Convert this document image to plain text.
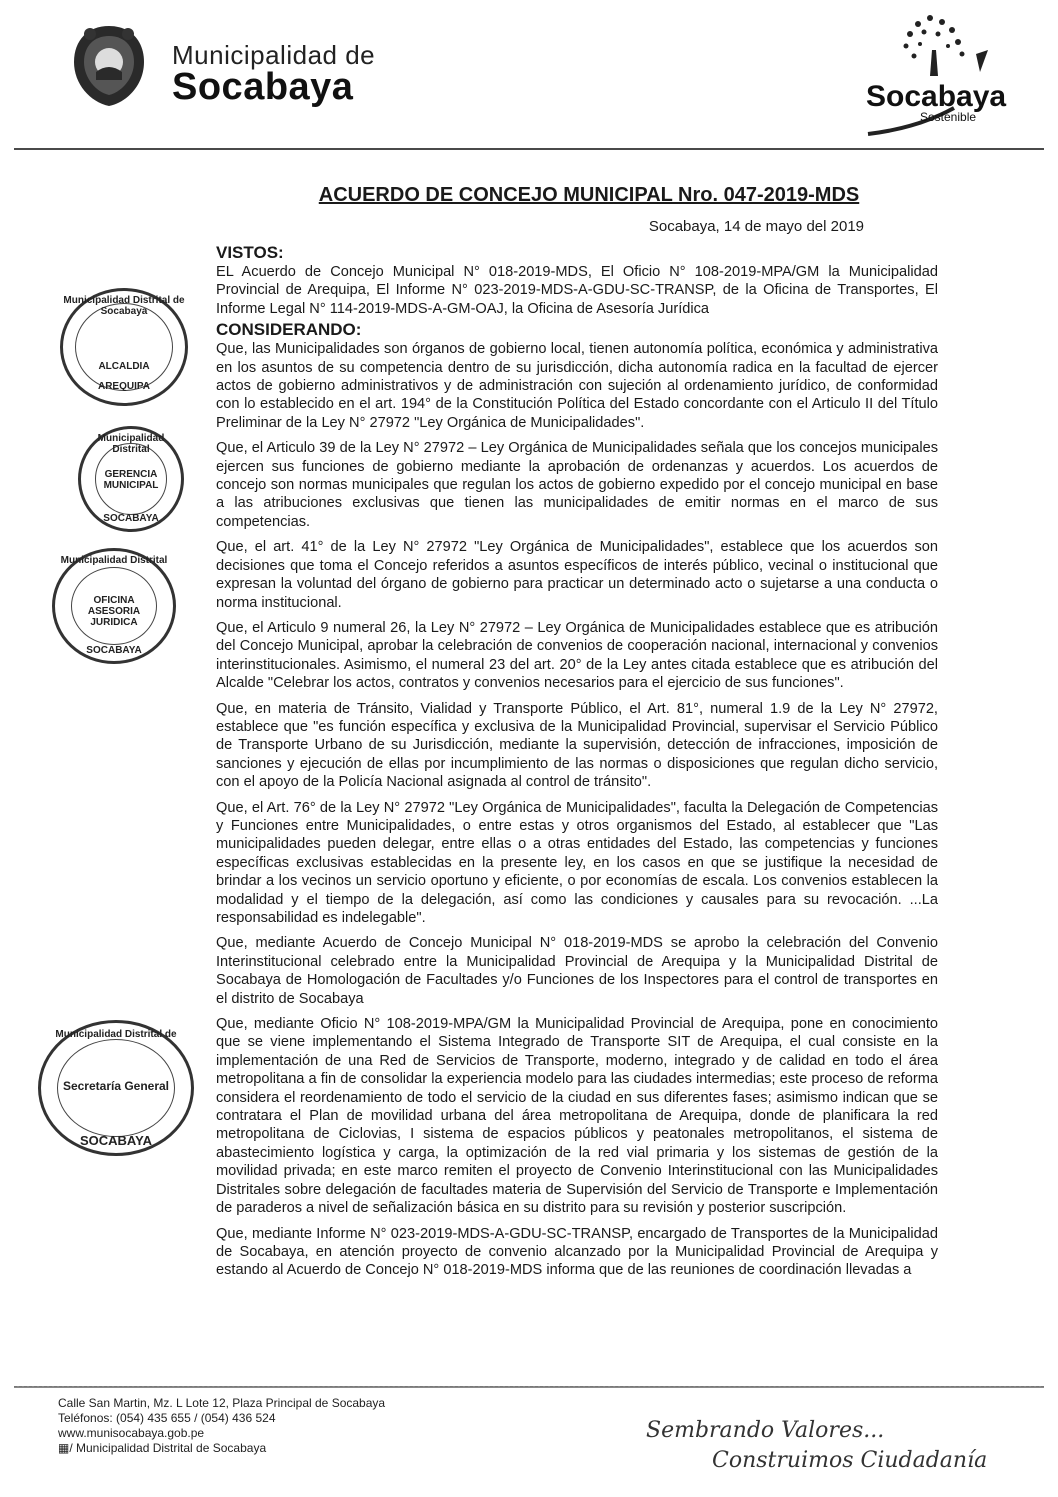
Municipalidad de
Socabaya	Socabaya
Sostenible
ACUERDO DE CONCEJO MUNICIPAL Nro. 047-2019-MDS
Socabaya, 14 de mayo del 2019
Municipalidad Distrital de Socabaya
ALCALDIA
AREQUIPA
Municipalidad Distrital
GERENCIA MUNICIPAL
SOCABAYA
Municipalidad Distrital
OFICINA ASESORIA JURIDICA
SOCABAYA
Municipalidad Distrital de
Secretaría General
SOCABAYA
VISTOS:

EL Acuerdo de Concejo Municipal N° 018-2019-MDS, El Oficio N° 108-2019-MPA/GM la Municipalidad Provincial de Arequipa, El Informe N° 023-2019-MDS-A-GDU-SC-TRANSP, de la Oficina de Transportes, El Informe Legal N° 114-2019-MDS-A-GM-OAJ, la Oficina de Asesoría Jurídica

CONSIDERANDO:

Que, las Municipalidades son órganos de gobierno local, tienen autonomía política, económica y administrativa en los asuntos de su competencia dentro de su jurisdicción, dicha autonomía radica en la facultad de ejercer actos de gobierno administrativos y de administración con sujeción al ordenamiento jurídico, de conformidad con lo establecido en el art. 194° de la Constitución Política del Estado concordante con el Articulo II del Título Preliminar de la Ley N° 27972 "Ley Orgánica de Municipalidades".

Que, el Articulo 39 de la Ley N° 27972 – Ley Orgánica de Municipalidades señala que los concejos municipales ejercen sus funciones de gobierno mediante la aprobación de ordenanzas y acuerdos. Los acuerdos de concejo son normas municipales que regulan los actos de gobierno expedido por el concejo municipal en base a las atribuciones exclusivas que tienen las municipalidades de emitir normas en el marco de sus competencias.

Que, el art. 41° de la Ley N° 27972 "Ley Orgánica de Municipalidades", establece que los acuerdos son decisiones que toma el Concejo referidos a asuntos específicos de interés público, vecinal o institucional que expresan la voluntad del órgano de gobierno para practicar un determinado acto o sujetarse a una conducta o norma institucional.

Que, el Articulo 9 numeral 26, la Ley N° 27972 – Ley Orgánica de Municipalidades establece que es atribución del Concejo Municipal, aprobar la celebración de convenios de cooperación nacional, internacional y convenios interinstitucionales. Asimismo, el numeral 23 del art. 20° de la Ley antes citada establece que es atribución del Alcalde "Celebrar los actos, contratos y convenios necesarios para el ejercicio de sus funciones".

Que, en materia de Tránsito, Vialidad y Transporte Público, el Art. 81°, numeral 1.9 de la Ley N° 27972, establece que "es función específica y exclusiva de la Municipalidad Provincial, supervisar el Servicio Público de Transporte Urbano de su Jurisdicción, mediante la supervisión, detección de infracciones, imposición de sanciones y ejecución de ellas por incumplimiento de las normas o disposiciones que regulan dicho servicio, con el apoyo de la Policía Nacional asignada al control de tránsito".

Que, el Art. 76° de la Ley N° 27972 "Ley Orgánica de Municipalidades", faculta la Delegación de Competencias y Funciones entre Municipalidades, o entre estas y otros organismos del Estado, al establecer que "Las municipalidades pueden delegar, entre ellas o a otras entidades del Estado, las competencias y funciones específicas exclusivas establecidas en la presente ley, en los casos en que se justifique la necesidad de brindar a los vecinos un servicio oportuno y eficiente, o por economías de escala. Los convenios establecen la modalidad y el tiempo de la delegación, así como las condiciones y causales para su revocación. ...La responsabilidad es indelegable".

Que, mediante Acuerdo de Concejo Municipal N° 018-2019-MDS se aprobo la celebración del Convenio Interinstitucional celebrado entre la Municipalidad Provincial de Arequipa y la Municipalidad Distrital de Socabaya de Homologación de Facultades y/o Funciones de los Inspectores para el control de transportes en el distrito de Socabaya

Que, mediante Oficio N° 108-2019-MPA/GM la Municipalidad Provincial de Arequipa, pone en conocimiento que se viene implementando el Sistema Integrado de Transporte SIT de Arequipa, el cual consiste en la implementación de una Red de Servicios de Transporte, moderno, integrado y de calidad en todo el área metropolitana a fin de consolidar la experiencia modelo para las ciudades intermedias; este proceso de reforma considera el reordenamiento de todo el servicio de la ciudad en sus diferentes fases; asimismo indican que se contratara el Plan de movilidad urbana del área metropolitana de Arequipa, donde de planificara la red metropolitana de Ciclovias, I sistema de espacios públicos y peatonales metropolitanos, el sistema de abastecimiento logística y carga, la optimización de la red vial primaria y los sistemas de gestión de la movilidad privada; en este marco remiten el proyecto de Convenio Interinstitucional con las Municipalidades Distritales sobre delegación de facultades materia de Supervisión del Servicio de Transporte e Implementación de paraderos a nivel de señalización básica en su distrito para su revisión y posterior suscripción.

Que, mediante Informe N° 023-2019-MDS-A-GDU-SC-TRANSP, encargado de Transportes de la Municipalidad de Socabaya, en atención proyecto de convenio alcanzado por la Municipalidad Provincial de Arequipa y estando al Acuerdo de Concejo N° 018-2019-MDS informa que de las reuniones de coordinación llevadas a

Calle San Martin, Mz. L Lote 12, Plaza Principal de Socabaya
Teléfonos: (054) 435 655 / (054) 436 524
www.munisocabaya.gob.pe
▦/ Municipalidad Distrital de Socabaya
Sembrando Valores...
Construimos Ciudadanía
